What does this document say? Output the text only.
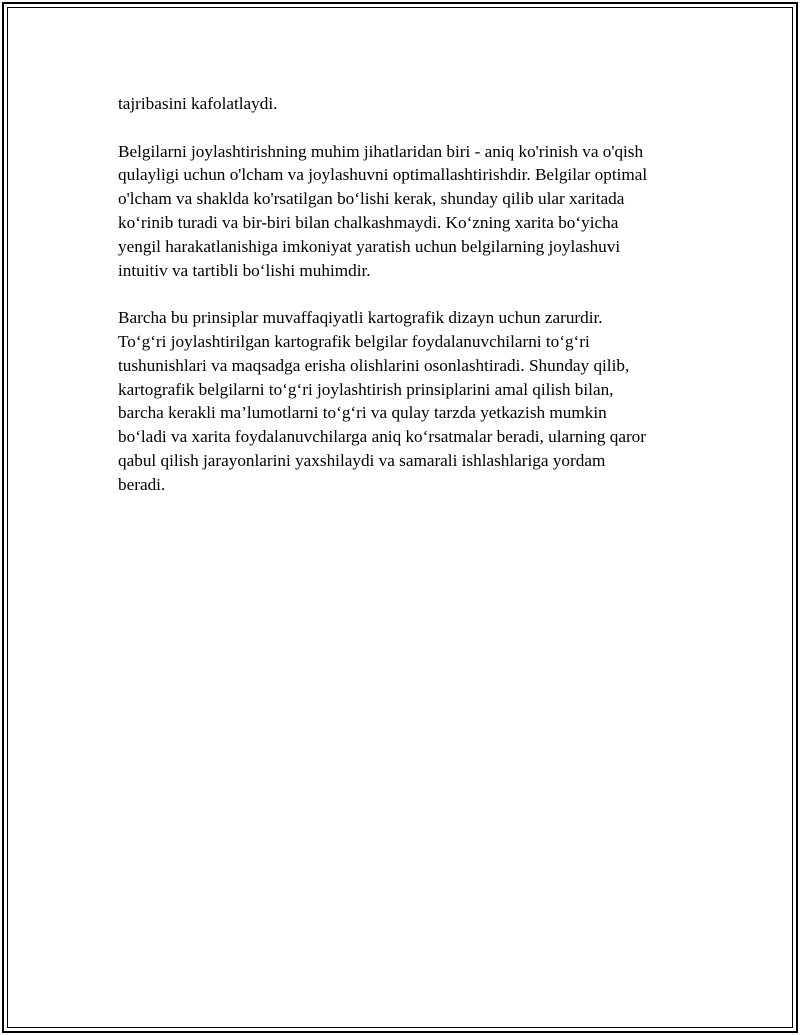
tajribasini kafolatlaydi.

Belgilarni joylashtirishning muhim jihatlaridan biri - aniq ko'rinish va o'qish
qulayligi uchun o'lcham va joylashuvni optimallashtirishdir. Belgilar optimal
o'lcham va shaklda ko'rsatilgan bo‘lishi kerak, shunday qilib ular xaritada
ko‘rinib turadi va bir-biri bilan chalkashmaydi. Ko‘zning xarita bo‘yicha
yengil harakatlanishiga imkoniyat yaratish uchun belgilarning joylashuvi
intuitiv va tartibli bo‘lishi muhimdir.

Barcha bu prinsiplar muvaffaqiyatli kartografik dizayn uchun zarurdir.
To‘g‘ri joylashtirilgan kartografik belgilar foydalanuvchilarni to‘g‘ri
tushunishlari va maqsadga erisha olishlarini osonlashtiradi. Shunday qilib,
kartografik belgilarni to‘g‘ri joylashtirish prinsiplarini amal qilish bilan,
barcha kerakli ma’lumotlarni to‘g‘ri va qulay tarzda yetkazish mumkin
bo‘ladi va xarita foydalanuvchilarga aniq ko‘rsatmalar beradi, ularning qaror
qabul qilish jarayonlarini yaxshilaydi va samarali ishlashlariga yordam
beradi.
